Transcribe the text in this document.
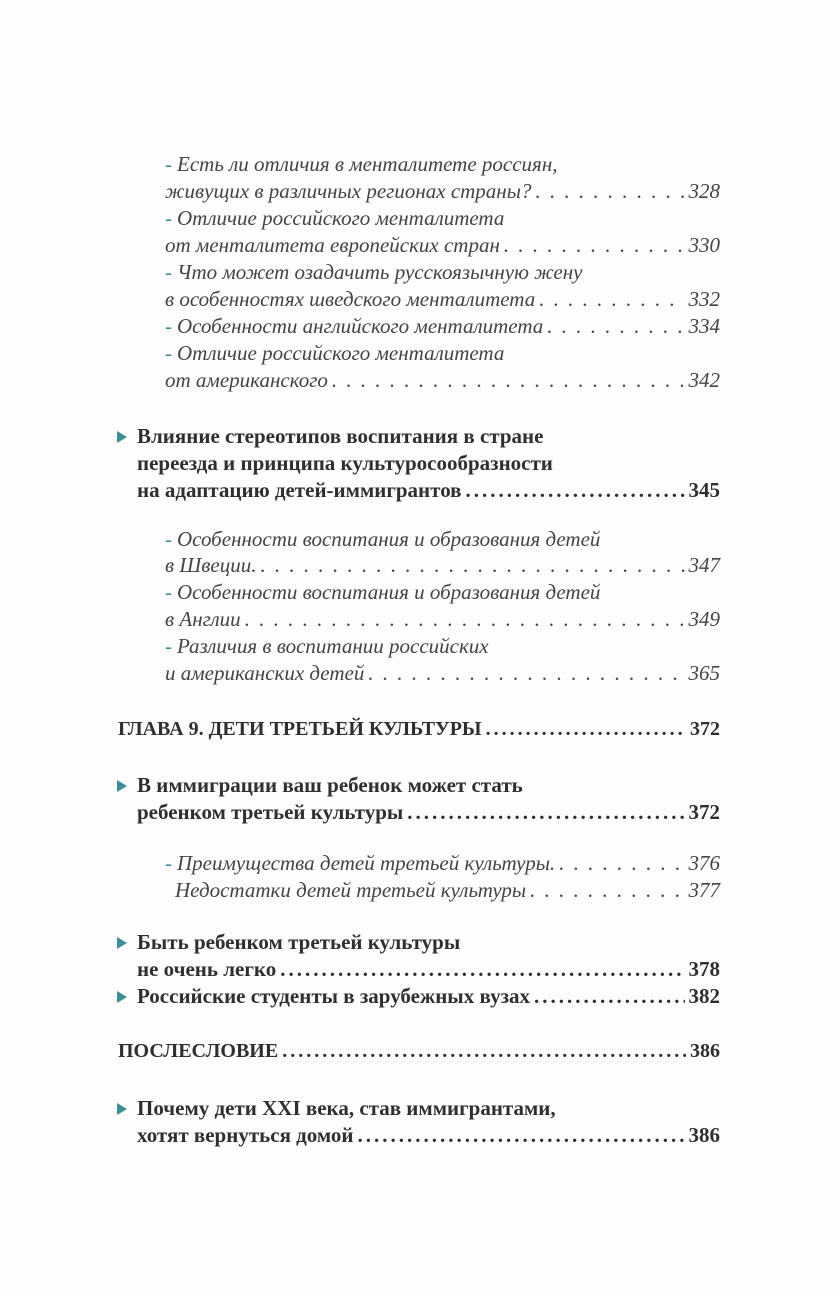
- Есть ли отличия в менталитете россиян,
живущих в различных регионах страны? . . .	328
- Отличие российского менталитета
от менталитета европейских стран . . .	330
- Что может озадачить русскоязычную жену
в особенностях шведского менталитета . . .	332
- Особенности английского менталитета . . .	334
- Отличие российского менталитета
от американского . . .	342
Влияние стереотипов воспитания в стране
переезда и принципа культуросообразности
на адаптацию детей-иммигрантов .....	345
- Особенности воспитания и образования детей
в Швеции. . . .	347
- Особенности воспитания и образования детей
в Англии . . .	349
- Различия в воспитании российских
и американских детей . . .	365
ГЛАВА 9. ДЕТИ ТРЕТЬЕЙ КУЛЬТУРЫ .....	372
В иммиграции ваш ребенок может стать
ребенком третьей культуры .....	372
- Преимущества детей третьей культуры. . . .	376
Недостатки детей третьей культуры . . .	377
Быть ребенком третьей культуры
не очень легко .....	378
Российские студенты в зарубежных вузах .....	382
ПОСЛЕСЛОВИЕ .....	386
Почему дети XXI века, став иммигрантами,
хотят вернуться домой .....	386
